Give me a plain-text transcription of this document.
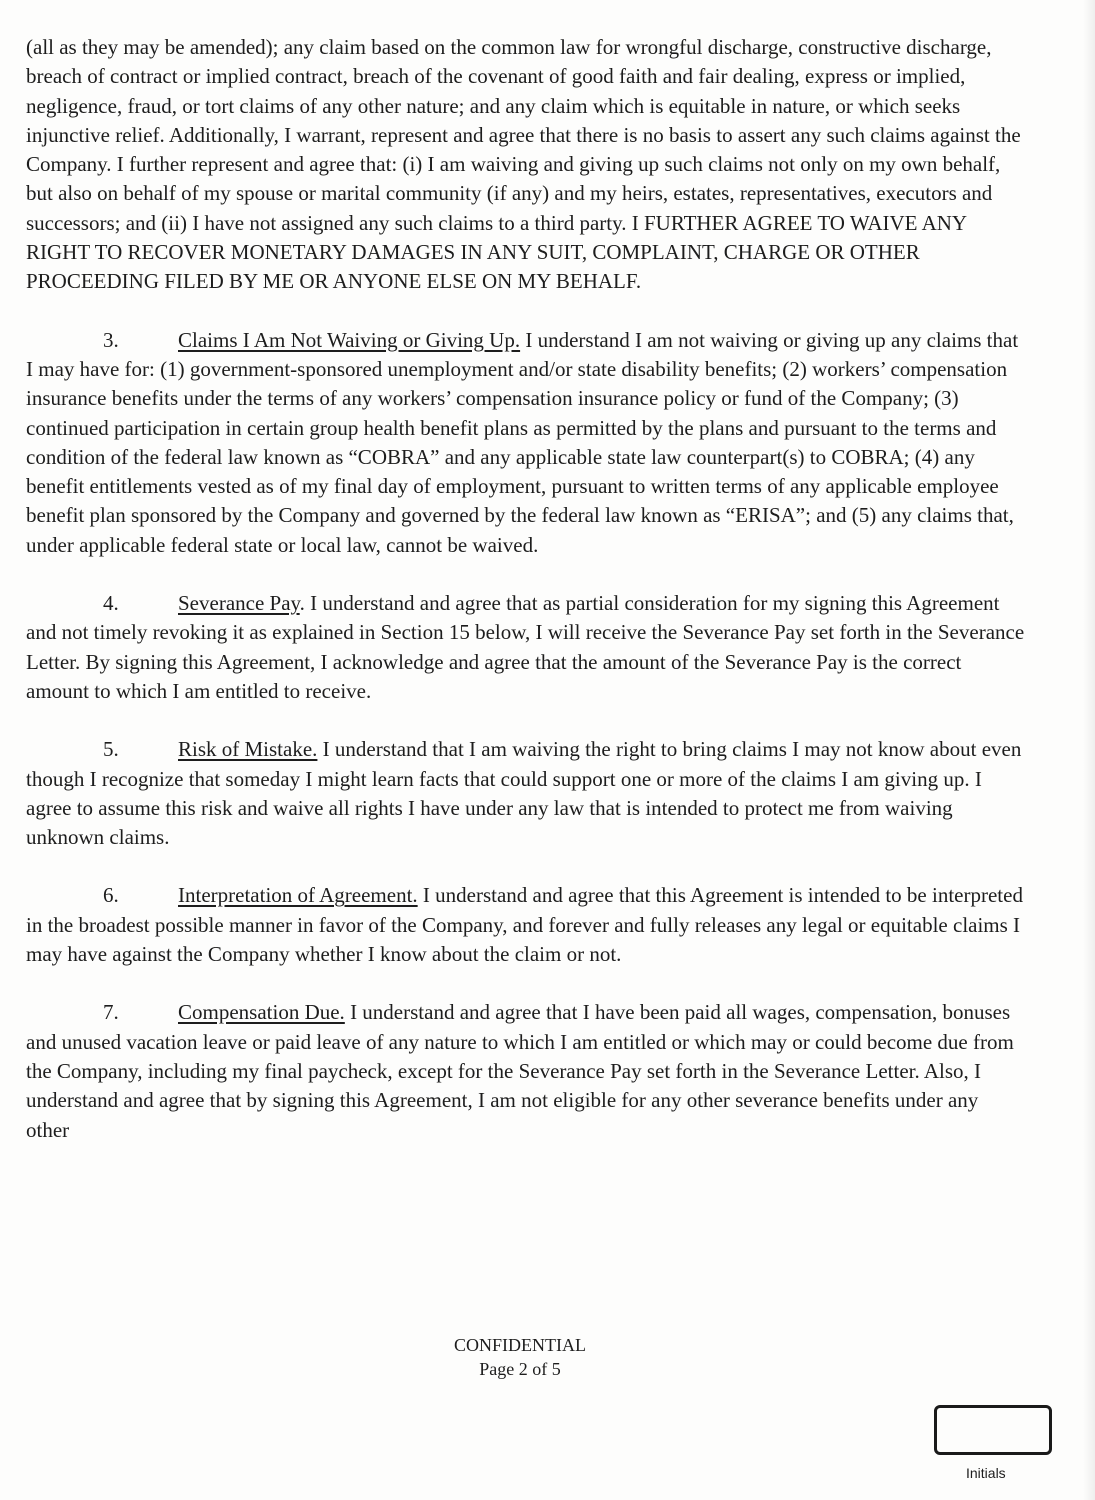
(all as they may be amended); any claim based on the common law for wrongful discharge, constructive discharge, breach of contract or implied contract, breach of the covenant of good faith and fair dealing, express or implied, negligence, fraud, or tort claims of any other nature; and any claim which is equitable in nature, or which seeks injunctive relief. Additionally, I warrant, represent and agree that there is no basis to assert any such claims against the Company. I further represent and agree that: (i) I am waiving and giving up such claims not only on my own behalf, but also on behalf of my spouse or marital community (if any) and my heirs, estates, representatives, executors and successors; and (ii) I have not assigned any such claims to a third party. I FURTHER AGREE TO WAIVE ANY RIGHT TO RECOVER MONETARY DAMAGES IN ANY SUIT, COMPLAINT, CHARGE OR OTHER PROCEEDING FILED BY ME OR ANYONE ELSE ON MY BEHALF.

3.	Claims I Am Not Waiving or Giving Up. I understand I am not waiving or giving up any claims that I may have for: (1) government-sponsored unemployment and/or state disability benefits; (2) workers’ compensation insurance benefits under the terms of any workers’ compensation insurance policy or fund of the Company; (3) continued participation in certain group health benefit plans as permitted by the plans and pursuant to the terms and condition of the federal law known as “COBRA” and any applicable state law counterpart(s) to COBRA; (4) any benefit entitlements vested as of my final day of employment, pursuant to written terms of any applicable employee benefit plan sponsored by the Company and governed by the federal law known as “ERISA”; and (5) any claims that, under applicable federal state or local law, cannot be waived.

4.	Severance Pay. I understand and agree that as partial consideration for my signing this Agreement and not timely revoking it as explained in Section 15 below, I will receive the Severance Pay set forth in the Severance Letter. By signing this Agreement, I acknowledge and agree that the amount of the Severance Pay is the correct amount to which I am entitled to receive.

5.	Risk of Mistake. I understand that I am waiving the right to bring claims I may not know about even though I recognize that someday I might learn facts that could support one or more of the claims I am giving up. I agree to assume this risk and waive all rights I have under any law that is intended to protect me from waiving unknown claims.

6.	Interpretation of Agreement. I understand and agree that this Agreement is intended to be interpreted in the broadest possible manner in favor of the Company, and forever and fully releases any legal or equitable claims I may have against the Company whether I know about the claim or not.

7.	Compensation Due. I understand and agree that I have been paid all wages, compensation, bonuses and unused vacation leave or paid leave of any nature to which I am entitled or which may or could become due from the Company, including my final paycheck, except for the Severance Pay set forth in the Severance Letter. Also, I understand and agree that by signing this Agreement, I am not eligible for any other severance benefits under any other

CONFIDENTIAL
Page 2 of 5
Initials
